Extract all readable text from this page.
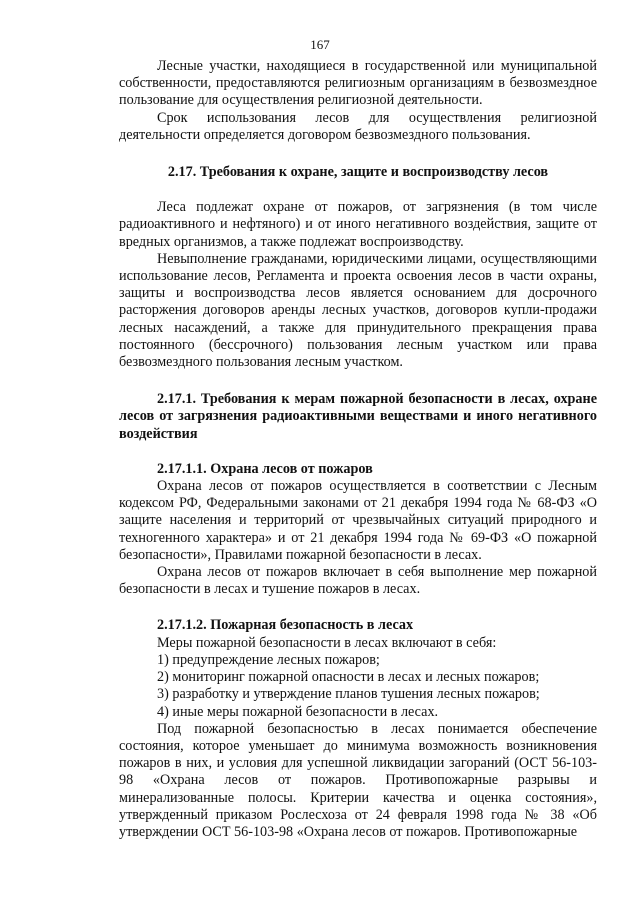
167

Лесные участки, находящиеся в государственной или муниципальной собственности, предоставляются религиозным организациям в безвозмездное пользование для осуществления религиозной деятельности.

Срок использования лесов для осуществления религиозной деятельности определяется договором безвозмездного пользования.

2.17. Требования к охране, защите и воспроизводству лесов

Леса подлежат охране от пожаров, от загрязнения (в том числе радиоактивного и нефтяного) и от иного негативного воздействия, защите от вредных организмов, а также подлежат воспроизводству.

Невыполнение гражданами, юридическими лицами, осуществляющими использование лесов, Регламента и проекта освоения лесов в части охраны, защиты и воспроизводства лесов является основанием для досрочного расторжения договоров аренды лесных участков, договоров купли-продажи лесных насаждений, а также для принудительного прекращения права постоянного (бессрочного) пользования лесным участком или права безвозмездного пользования лесным участком.

2.17.1. Требования к мерам пожарной безопасности в лесах, охране лесов от загрязнения радиоактивными веществами и иного негативного воздействия

2.17.1.1. Охрана лесов от пожаров

Охрана лесов от пожаров осуществляется в соответствии с Лесным кодексом РФ, Федеральными законами от 21 декабря 1994 года № 68-ФЗ «О защите населения и территорий от чрезвычайных ситуаций природного и техногенного характера» и от 21 декабря 1994 года № 69-ФЗ «О пожарной безопасности», Правилами пожарной безопасности в лесах.

Охрана лесов от пожаров включает в себя выполнение мер пожарной безопасности в лесах и тушение пожаров в лесах.

2.17.1.2. Пожарная безопасность в лесах

Меры пожарной безопасности в лесах включают в себя:

1) предупреждение лесных пожаров;

2) мониторинг пожарной опасности в лесах и лесных пожаров;

3) разработку и утверждение планов тушения лесных пожаров;

4) иные меры пожарной безопасности в лесах.

Под пожарной безопасностью в лесах понимается обеспечение состояния, которое уменьшает до минимума возможность возникновения пожаров в них, и условия для успешной ликвидации загораний (ОСТ 56-103-98 «Охрана лесов от пожаров. Противопожарные разрывы и минерализованные полосы. Критерии качества и оценка состояния», утвержденный приказом Рослесхоза от 24 февраля 1998 года № 38 «Об утверждении ОСТ 56-103-98 «Охрана лесов от пожаров. Противопожарные
